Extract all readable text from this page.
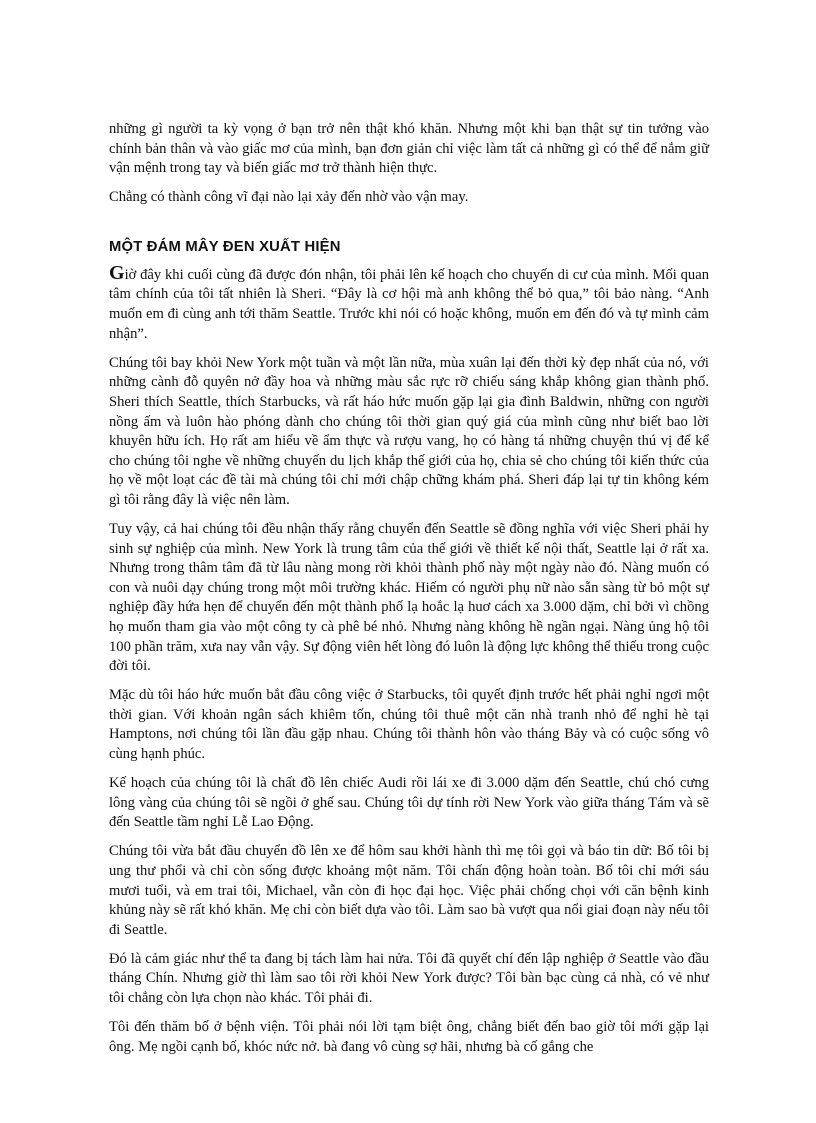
những gì người ta kỳ vọng ở bạn trở nên thật khó khăn. Nhưng một khi bạn thật sự tin tưởng vào chính bản thân và vào giấc mơ của mình, bạn đơn giản chỉ việc làm tất cả những gì có thể để nắm giữ vận mệnh trong tay và biến giấc mơ trở thành hiện thực.

Chẳng có thành công vĩ đại nào lại xảy đến nhờ vào vận may.

MỘT ĐÁM MÂY ĐEN XUẤT HIỆN

Giờ đây khi cuối cùng đã được đón nhận, tôi phải lên kế hoạch cho chuyến di cư của mình. Mối quan tâm chính của tôi tất nhiên là Sheri. “Đây là cơ hội mà anh không thể bỏ qua,” tôi bảo nàng. “Anh muốn em đi cùng anh tới thăm Seattle. Trước khi nói có hoặc không, muốn em đến đó và tự mình cảm nhận”.

Chúng tôi bay khỏi New York một tuần và một lần nữa, mùa xuân lại đến thời kỳ đẹp nhất của nó, với những cành đỗ quyên nở đầy hoa và những màu sắc rực rỡ chiếu sáng khắp không gian thành phố. Sheri thích Seattle, thích Starbucks, và rất háo hức muốn gặp lại gia đình Baldwin, những con người nồng ấm và luôn hào phóng dành cho chúng tôi thời gian quý giá của mình cũng như biết bao lời khuyên hữu ích. Họ rất am hiểu về ẩm thực và rượu vang, họ có hàng tá những chuyện thú vị để kể cho chúng tôi nghe về những chuyến du lịch khắp thế giới của họ, chia sẻ cho chúng tôi kiến thức của họ về một loạt các đề tài mà chúng tôi chỉ mới chập chững khám phá. Sheri đáp lại tự tin không kém gì tôi rằng đây là việc nên làm.

Tuy vậy, cả hai chúng tôi đều nhận thấy rằng chuyển đến Seattle sẽ đồng nghĩa với việc Sheri phải hy sinh sự nghiệp của mình. New York là trung tâm của thế giới về thiết kế nội thất, Seattle lại ở rất xa. Nhưng trong thâm tâm đã từ lâu nàng mong rời khỏi thành phố này một ngày nào đó. Nàng muốn có con và nuôi dạy chúng trong một môi trường khác. Hiếm có người phụ nữ nào sẵn sàng từ bỏ một sự nghiệp đầy hứa hẹn để chuyển đến một thành phố lạ hoắc lạ huơ cách xa 3.000 dặm, chỉ bởi vì chồng họ muốn tham gia vào một công ty cà phê bé nhỏ. Nhưng nàng không hề ngần ngại. Nàng ủng hộ tôi 100 phần trăm, xưa nay vẫn vậy. Sự động viên hết lòng đó luôn là động lực không thể thiếu trong cuộc đời tôi.

Mặc dù tôi háo hức muốn bắt đầu công việc ở Starbucks, tôi quyết định trước hết phải nghỉ ngơi một thời gian. Với khoản ngân sách khiêm tốn, chúng tôi thuê một căn nhà tranh nhỏ để nghỉ hè tại Hamptons, nơi chúng tôi lần đầu gặp nhau. Chúng tôi thành hôn vào tháng Bảy và có cuộc sống vô cùng hạnh phúc.

Kế hoạch của chúng tôi là chất đồ lên chiếc Audi rồi lái xe đi 3.000 dặm đến Seattle, chú chó cưng lông vàng của chúng tôi sẽ ngồi ở ghế sau. Chúng tôi dự tính rời New York vào giữa tháng Tám và sẽ đến Seattle tầm nghỉ Lễ Lao Động.

Chúng tôi vừa bắt đầu chuyển đồ lên xe để hôm sau khởi hành thì mẹ tôi gọi và báo tin dữ: Bố tôi bị ung thư phổi và chỉ còn sống được khoảng một năm. Tôi chấn động hoàn toàn. Bố tôi chỉ mới sáu mươi tuổi, và em trai tôi, Michael, vẫn còn đi học đại học. Việc phải chống chọi với căn bệnh kinh khủng này sẽ rất khó khăn. Mẹ chỉ còn biết dựa vào tôi. Làm sao bà vượt qua nổi giai đoạn này nếu tôi đi Seattle.

Đó là cảm giác như thể ta đang bị tách làm hai nửa. Tôi đã quyết chí đến lập nghiệp ở Seattle vào đầu tháng Chín. Nhưng giờ thì làm sao tôi rời khỏi New York được? Tôi bàn bạc cùng cả nhà, có vẻ như tôi chẳng còn lựa chọn nào khác. Tôi phải đi.

Tôi đến thăm bố ở bệnh viện. Tôi phải nói lời tạm biệt ông, chẳng biết đến bao giờ tôi mới gặp lại ông. Mẹ ngồi cạnh bố, khóc nức nở. bà đang vô cùng sợ hãi, nhưng bà cố gắng che
